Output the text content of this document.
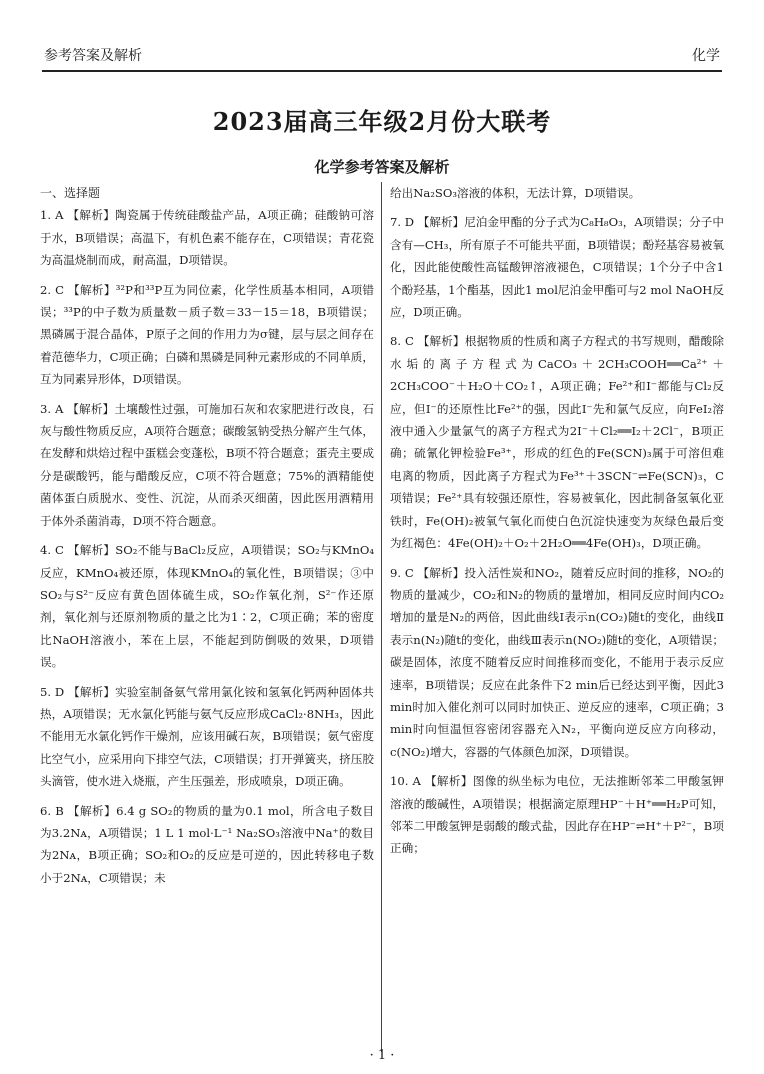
参考答案及解析	化学
2023届高三年级2月份大联考
化学参考答案及解析
一、选择题
1. A 【解析】陶瓷属于传统硅酸盐产品，A项正确；硅酸钠可溶于水，B项错误；高温下，有机色素不能存在，C项错误；青花瓷为高温烧制而成，耐高温，D项错误。
2. C 【解析】³²P和³³P互为同位素，化学性质基本相同，A项错误；³³P的中子数为质量数－质子数＝33－15＝18，B项错误；黑磷属于混合晶体，P原子之间的作用力为σ键，层与层之间存在着范德华力，C项正确；白磷和黑磷是同种元素形成的不同单质，互为同素异形体，D项错误。
3. A 【解析】土壤酸性过强，可施加石灰和农家肥进行改良，石灰与酸性物质反应，A项符合题意；碳酸氢钠受热分解产生气体，在发酵和烘焙过程中蛋糕会变蓬松，B项不符合题意；蛋壳主要成分是碳酸钙，能与醋酸反应，C项不符合题意；75%的酒精能使菌体蛋白质脱水、变性、沉淀，从而杀灭细菌，因此医用酒精用于体外杀菌消毒，D项不符合题意。
4. C 【解析】SO₂不能与BaCl₂反应，A项错误；SO₂与KMnO₄反应，KMnO₄被还原，体现KMnO₄的氧化性，B项错误；③中SO₂与S²⁻反应有黄色固体硫生成，SO₂作氧化剂，S²⁻作还原剂，氧化剂与还原剂物质的量之比为1∶2，C项正确；苯的密度比NaOH溶液小，苯在上层，不能起到防倒吸的效果，D项错误。
5. D 【解析】实验室制备氨气常用氯化铵和氢氧化钙两种固体共热，A项错误；无水氯化钙能与氨气反应形成CaCl₂·8NH₃，因此不能用无水氯化钙作干燥剂，应该用碱石灰，B项错误；氨气密度比空气小，应采用向下排空气法，C项错误；打开弹簧夹，挤压胶头滴管，使水进入烧瓶，产生压强差，形成喷泉，D项正确。
6. B 【解析】6.4 g SO₂的物质的量为0.1 mol，所含电子数目为3.2Nᴀ，A项错误；1 L 1 mol·L⁻¹ Na₂SO₃溶液中Na⁺的数目为2Nᴀ，B项正确；SO₂和O₂的反应是可逆的，因此转移电子数小于2Nᴀ，C项错误；未
给出Na₂SO₃溶液的体积，无法计算，D项错误。
7. D 【解析】尼泊金甲酯的分子式为C₈H₈O₃，A项错误；分子中含有—CH₃，所有原子不可能共平面，B项错误；酚羟基容易被氧化，因此能使酸性高锰酸钾溶液褪色，C项错误；1个分子中含1个酚羟基，1个酯基，因此1 mol尼泊金甲酯可与2 mol NaOH反应，D项正确。
8. C 【解析】根据物质的性质和离子方程式的书写规则，醋酸除水垢的离子方程式为CaCO₃＋2CH₃COOH══Ca²⁺＋2CH₃COO⁻＋H₂O＋CO₂↑，A项正确；Fe²⁺和I⁻都能与Cl₂反应，但I⁻的还原性比Fe²⁺的强，因此I⁻先和氯气反应，向FeI₂溶液中通入少量氯气的离子方程式为2I⁻＋Cl₂══I₂＋2Cl⁻，B项正确；硫氰化钾检验Fe³⁺，形成的红色的Fe(SCN)₃属于可溶但难电离的物质，因此离子方程式为Fe³⁺＋3SCN⁻⇌Fe(SCN)₃，C项错误；Fe²⁺具有较强还原性，容易被氧化，因此制备氢氧化亚铁时，Fe(OH)₂被氧气氧化而使白色沉淀快速变为灰绿色最后变为红褐色：4Fe(OH)₂＋O₂＋2H₂O══4Fe(OH)₃，D项正确。
9. C 【解析】投入活性炭和NO₂，随着反应时间的推移，NO₂的物质的量减少，CO₂和N₂的物质的量增加，相同反应时间内CO₂增加的量是N₂的两倍，因此曲线Ⅰ表示n(CO₂)随t的变化，曲线Ⅱ表示n(N₂)随t的变化，曲线Ⅲ表示n(NO₂)随t的变化，A项错误；碳是固体，浓度不随着反应时间推移而变化，不能用于表示反应速率，B项错误；反应在此条件下2 min后已经达到平衡，因此3 min时加入催化剂可以同时加快正、逆反应的速率，C项正确；3 min时向恒温恒容密闭容器充入N₂，平衡向逆反应方向移动，c(NO₂)增大，容器的气体颜色加深，D项错误。
10. A 【解析】图像的纵坐标为电位，无法推断邻苯二甲酸氢钾溶液的酸碱性，A项错误；根据滴定原理HP⁻＋H⁺══H₂P可知，邻苯二甲酸氢钾是弱酸的酸式盐，因此存在HP⁻⇌H⁺＋P²⁻，B项正确；
· 1 ·
